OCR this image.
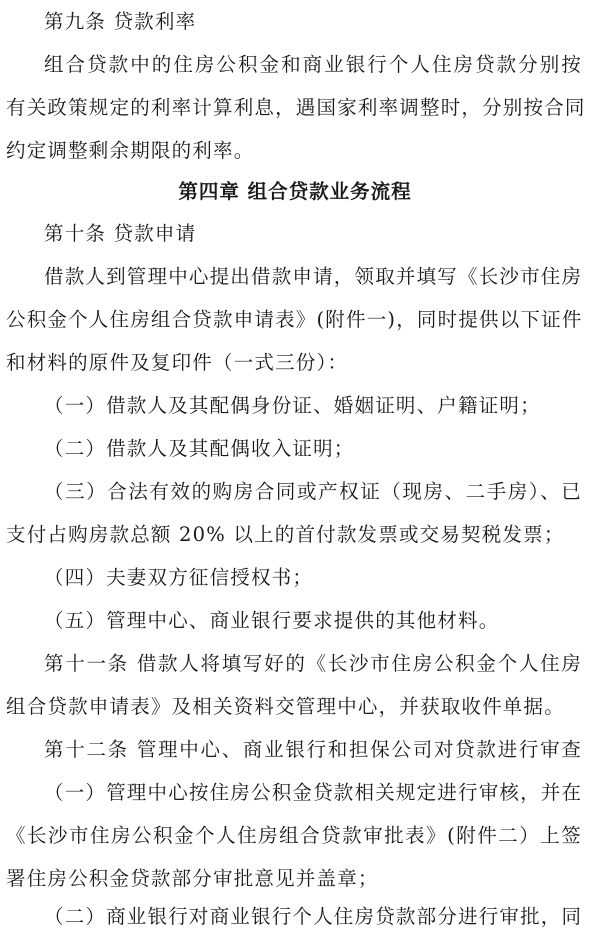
第九条 贷款利率
组合贷款中的住房公积金和商业银行个人住房贷款分别按
有关政策规定的利率计算利息，遇国家利率调整时，分别按合同
约定调整剩余期限的利率。
第四章 组合贷款业务流程
第十条 贷款申请
借款人到管理中心提出借款申请，领取并填写《长沙市住房
公积金个人住房组合贷款申请表》(附件一)，同时提供以下证件
和材料的原件及复印件（一式三份）：
（一）借款人及其配偶身份证、婚姻证明、户籍证明；
（二）借款人及其配偶收入证明；
（三）合法有效的购房合同或产权证（现房、二手房）、已
支付占购房款总额 20% 以上的首付款发票或交易契税发票；
（四）夫妻双方征信授权书；
（五）管理中心、商业银行要求提供的其他材料。
第十一条 借款人将填写好的《长沙市住房公积金个人住房
组合贷款申请表》及相关资料交管理中心，并获取收件单据。
第十二条 管理中心、商业银行和担保公司对贷款进行审查
（一）管理中心按住房公积金贷款相关规定进行审核，并在
《长沙市住房公积金个人住房组合贷款审批表》(附件二）上签
署住房公积金贷款部分审批意见并盖章；
（二）商业银行对商业银行个人住房贷款部分进行审批，同
